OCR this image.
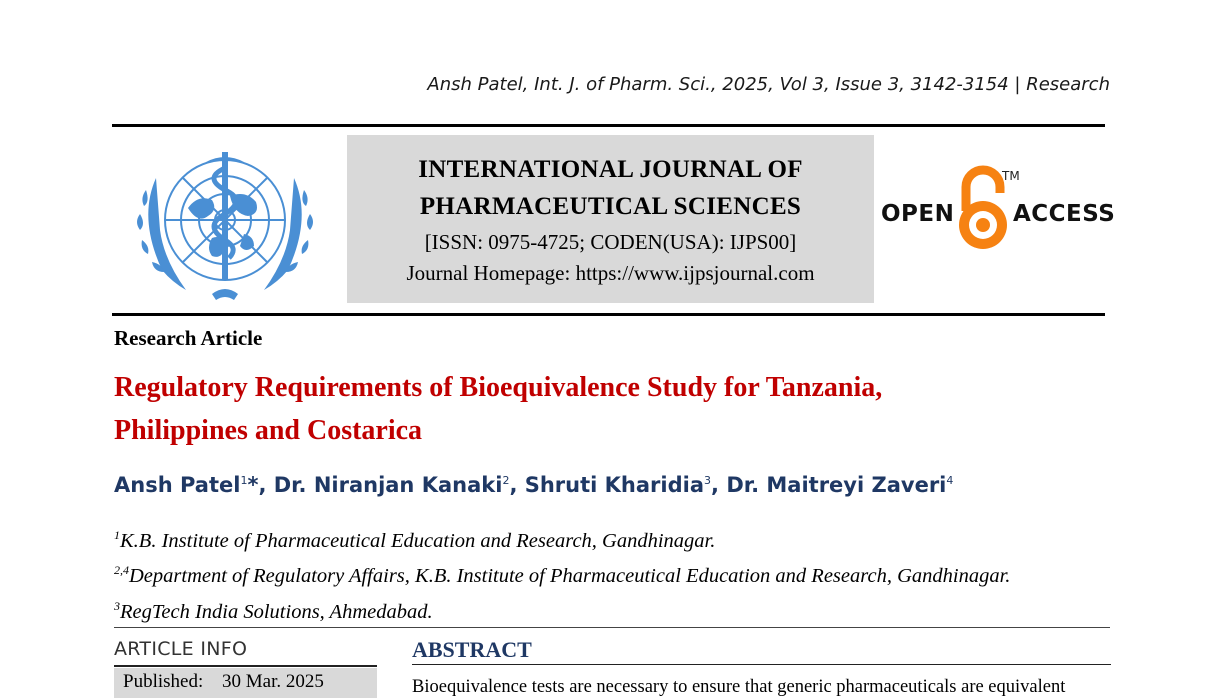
Ansh Patel, Int. J. of Pharm. Sci., 2025, Vol 3, Issue 3, 3142-3154 | Research
INTERNATIONAL JOURNAL OF
PHARMACEUTICAL SCIENCES
[ISSN: 0975-4725; CODEN(USA): IJPS00]
Journal Homepage: https://www.ijpsjournal.com
OPEN
TM
ACCESS
Research Article
Regulatory Requirements of Bioequivalence Study for Tanzania,
Philippines and Costarica
Ansh Patel$^1$*, Dr. Niranjan Kanaki$^2$, Shruti Kharidia$^3$, Dr. Maitreyi Zaveri$^4$
$^1$K.B. Institute of Pharmaceutical Education and Research, Gandhinagar.
$^{2,4}$Department of Regulatory Affairs, K.B. Institute of Pharmaceutical Education and Research, Gandhinagar.
$^3$RegTech India Solutions, Ahmedabad.
ARTICLE INFO
Published: 30 Mar. 2025
ABSTRACT
Bioequivalence tests are necessary to ensure that generic pharmaceuticals are equivalent
